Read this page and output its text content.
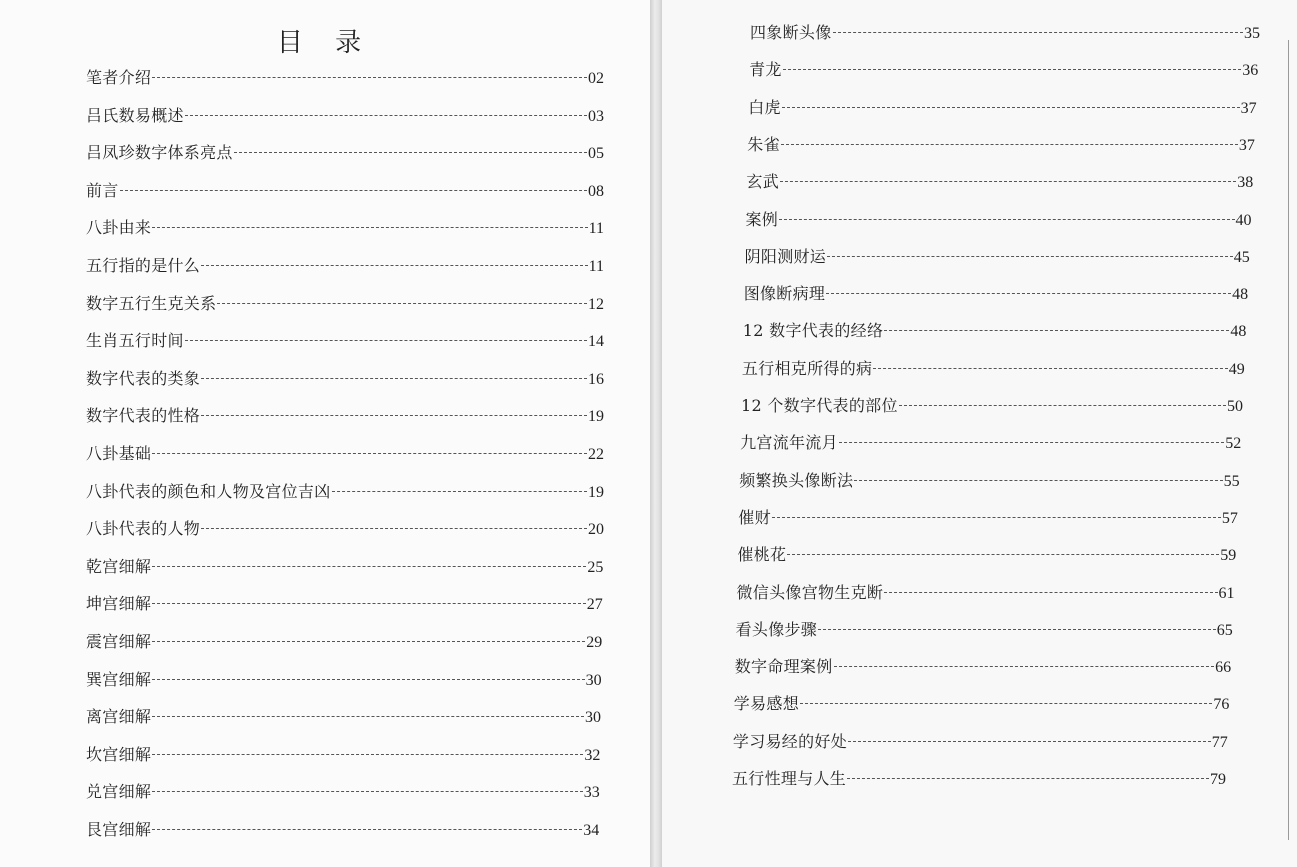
目 录
笔者介绍	02
吕氏数易概述	03
吕凤珍数字体系亮点	05
前言	08
八卦由来	11
五行指的是什么	11
数字五行生克关系	12
生肖五行时间	14
数字代表的类象	16
数字代表的性格	19
八卦基础	22
八卦代表的颜色和人物及宫位吉凶	19
八卦代表的人物	20
乾宫细解	25
坤宫细解	27
震宫细解	29
巽宫细解	30
离宫细解	30
坎宫细解	32
兑宫细解	33
艮宫细解	34
四象断头像	35
青龙	36
白虎	37
朱雀	37
玄武	38
案例	40
阴阳测财运	45
图像断病理	48
12 数字代表的经络	48
五行相克所得的病	49
12 个数字代表的部位	50
九宫流年流月	52
频繁换头像断法	55
催财	57
催桃花	59
微信头像宫物生克断	61
看头像步骤	65
数字命理案例	66
学易感想	76
学习易经的好处	77
五行性理与人生	79
